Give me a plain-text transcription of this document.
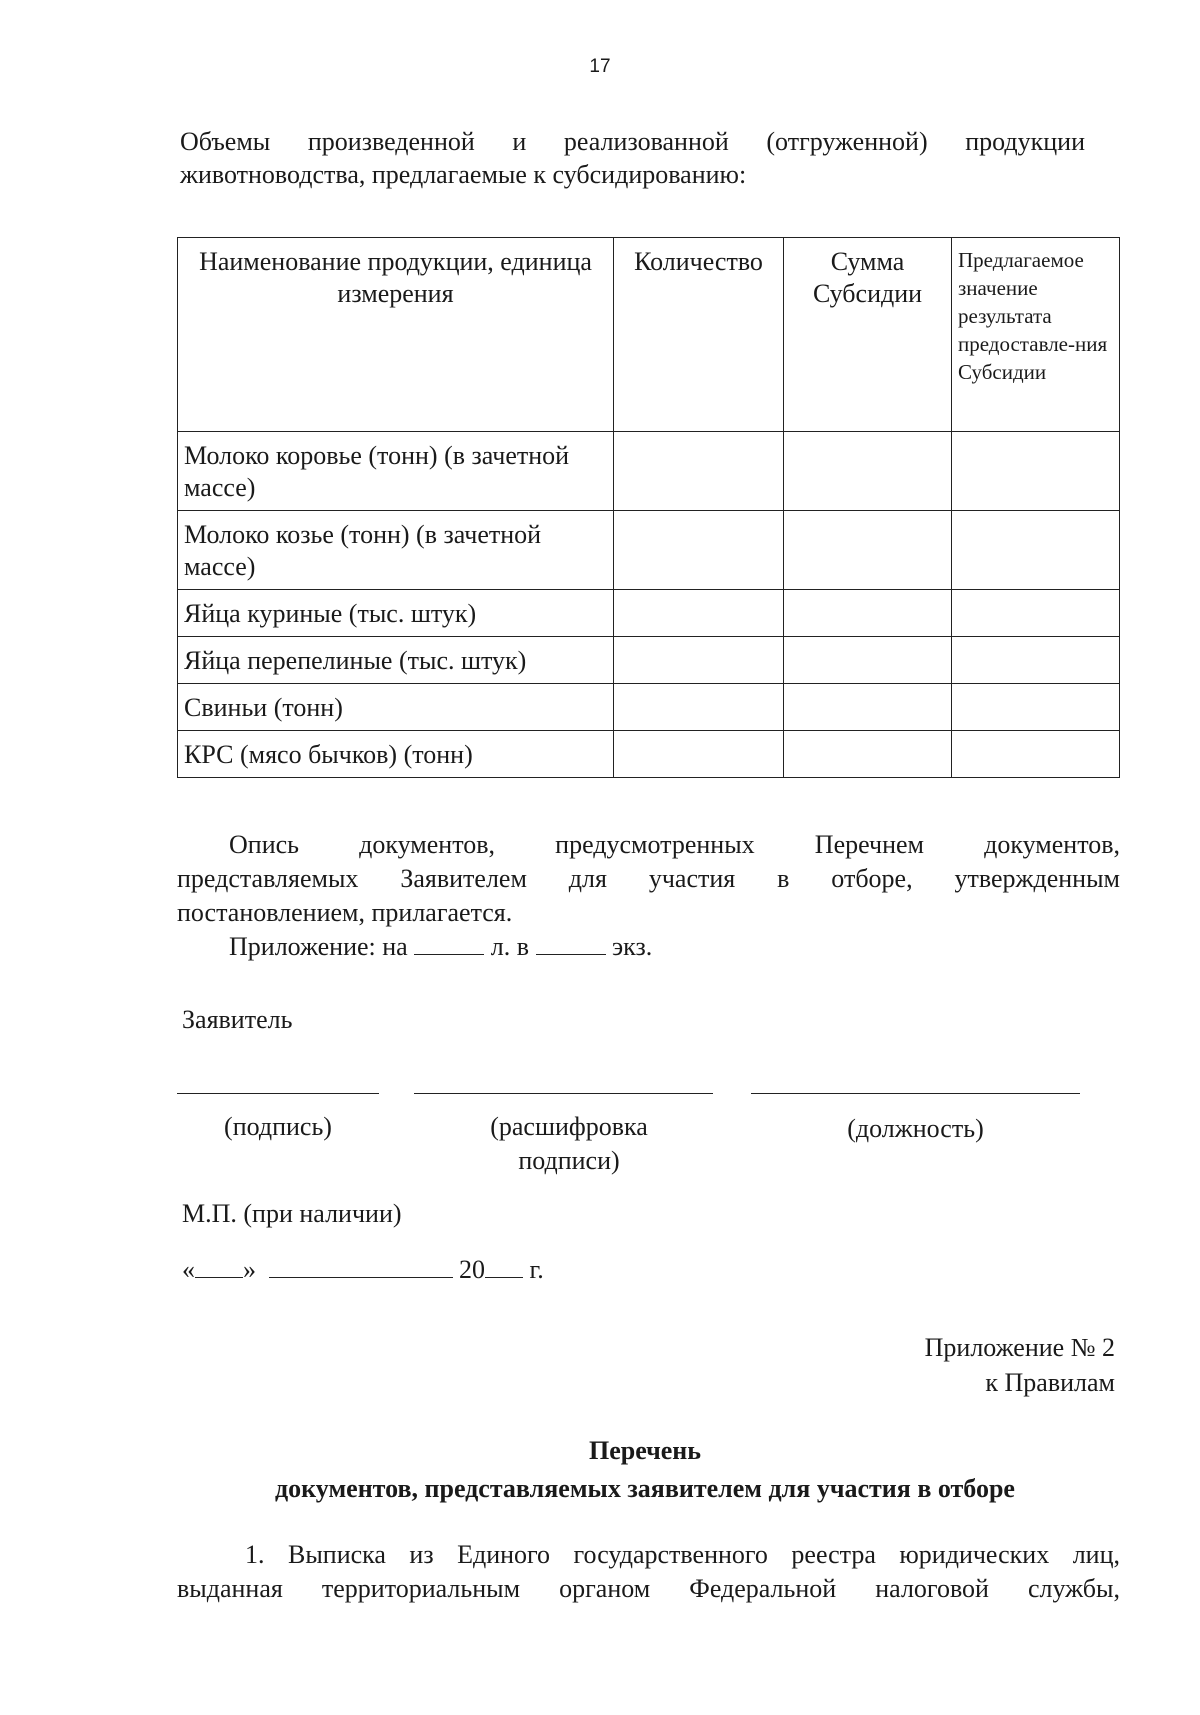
17
Объемы произведенной и реализованной (отгруженной) продукции
животноводства, предлагаемые к субсидированию:
Наименование продукции, единица измерения	Количество	Сумма Субсидии	Предлагаемое значение результата предоставле-ния Субсидии

Молоко коровье (тонн) (в зачетной массе)			
Молоко козье (тонн) (в зачетной массе)			
Яйца куриные (тыс. штук)			
Яйца перепелиные (тыс. штук)			
Свиньи (тонн)			
КРС (мясо бычков) (тонн)			
Опись документов, предусмотренных Перечнем документов,
представляемых Заявителем для участия в отборе, утвержденным
постановлением, прилагается.
Приложение: на	л. в	экз.
Заявитель
(подпись)	(расшифровка подписи)
(должность)
М.П. (при наличии)
« »	20 г.
Приложение № 2
к Правилам
Перечень
документов, представляемых заявителем для участия в отборе
1. Выписка из Единого государственного реестра юридических лиц,
выданная территориальным органом Федеральной налоговой службы,
